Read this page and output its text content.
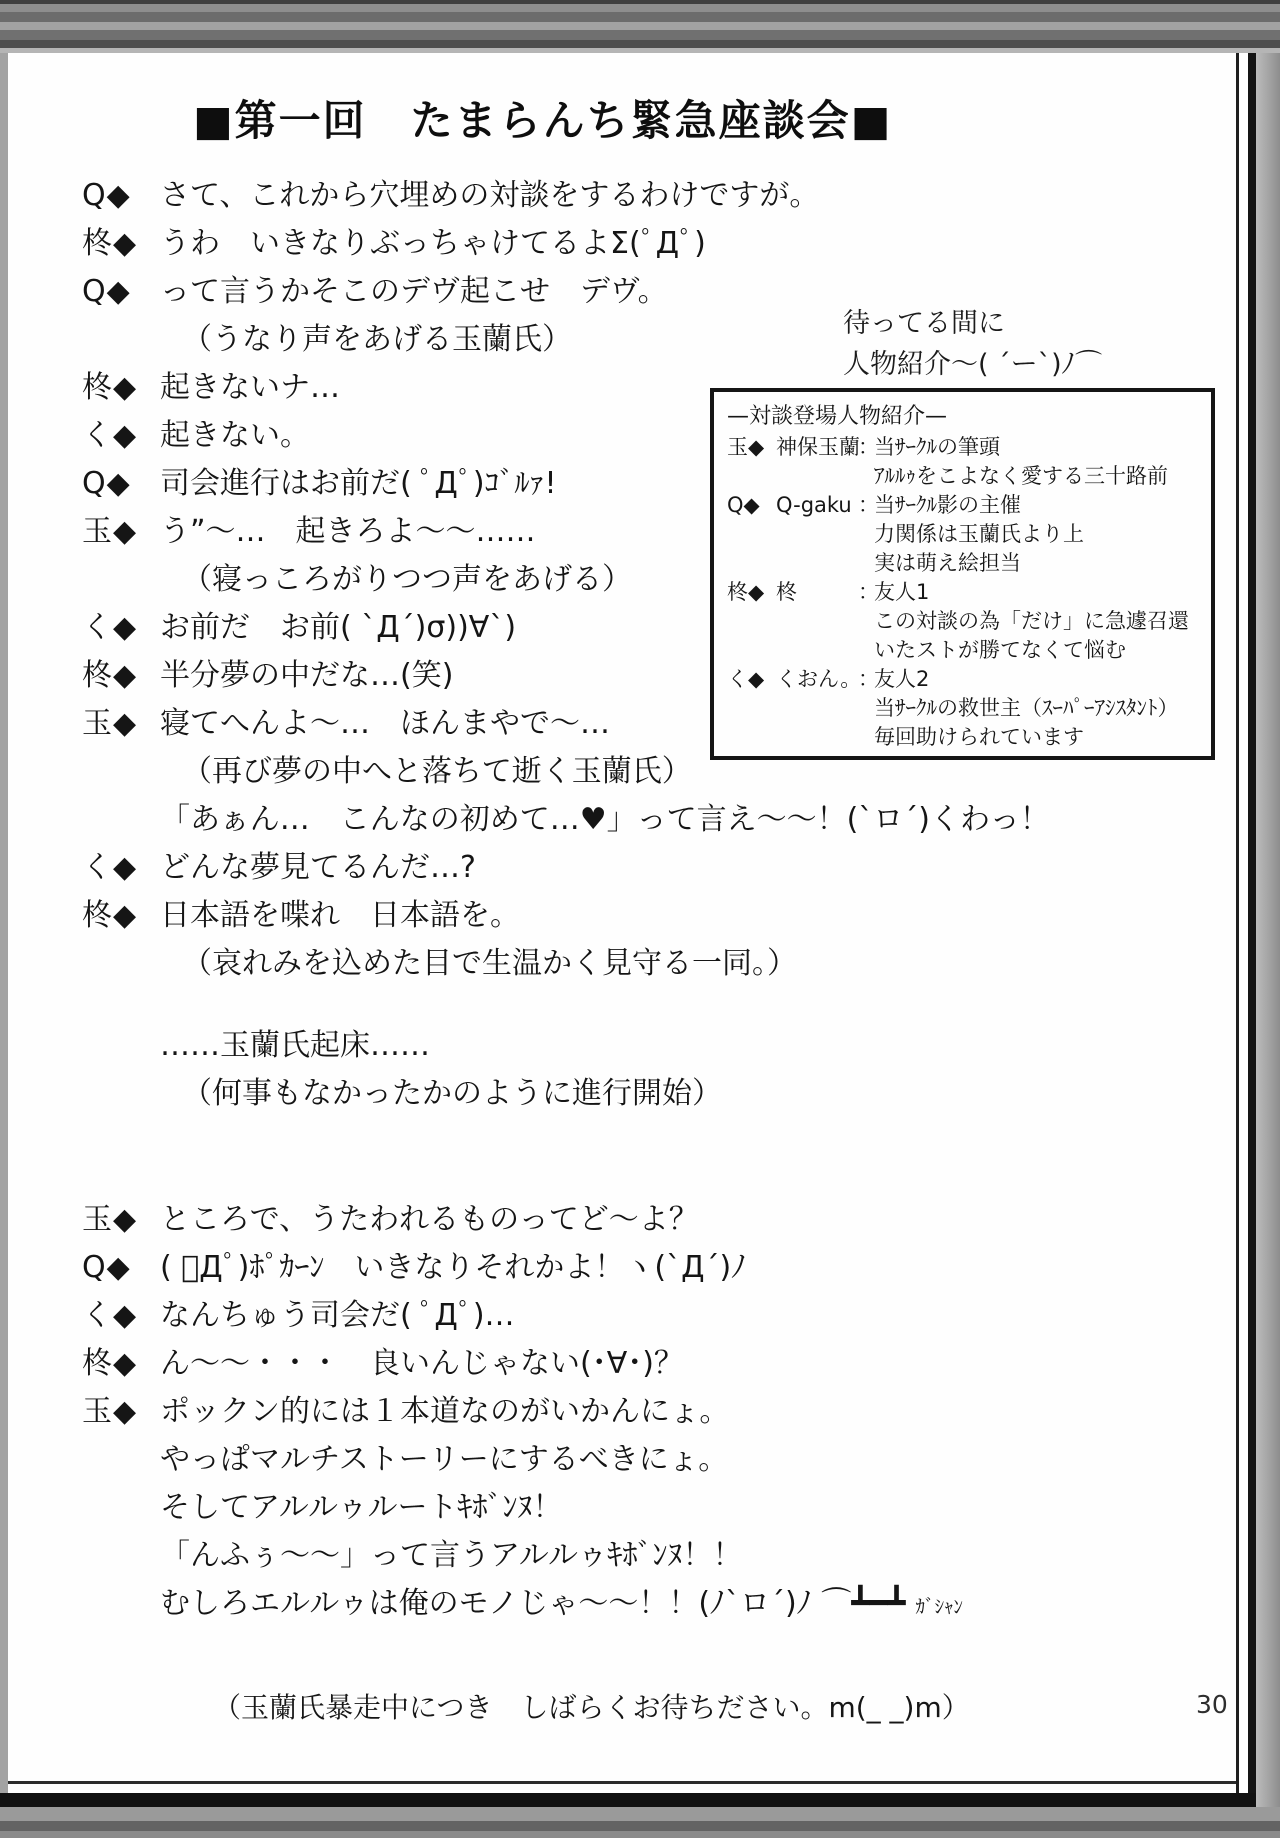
■第一回　たまらんち緊急座談会■
Q◆ さて、これから穴埋めの対談をするわけですが。
柊◆ うわ　いきなりぶっちゃけてるよΣ(ﾟДﾟ)
Q◆ って言うかそこのデヴ起こせ　デヴ。
（うなり声をあげる玉蘭氏）
柊◆ 起きないナ…
く◆ 起きない。
Q◆ 司会進行はお前だ( ﾟДﾟ)ｺﾞﾙｧ!
玉◆ う”～…　起きろよ～～……
（寝っころがりつつ声をあげる）
く◆ お前だ　お前( `Д´)σ))∀`)
柊◆ 半分夢の中だな…(笑)
玉◆ 寝てへんよ～…　ほんまやで～…
（再び夢の中へと落ちて逝く玉蘭氏）
「あぁん…　こんなの初めて…♥」って言え～～！(`ロ´)くわっ！
く◆ どんな夢見てるんだ…?
柊◆ 日本語を喋れ　日本語を。
（哀れみを込めた目で生温かく見守る一同。）
……玉蘭氏起床……
（何事もなかったかのように進行開始）
玉◆ ところで、うたわれるものってど～よ？
Q◆ ( ﾟДﾟ)ﾎﾟｶｰﾝ　いきなりそれかよ！ヽ(`Д´)ﾉ
く◆ なんちゅう司会だ( ﾟДﾟ)…
柊◆ ん～～・・・　良いんじゃない(･∀･)？
玉◆ ポックン的には１本道なのがいかんにょ。
やっぱマルチストーリーにするべきにょ。
そしてアルルゥルートｷﾎﾞﾝﾇ！
「んふぅ～～」って言うアルルゥｷﾎﾞﾝﾇ！！
むしろエルルゥは俺のモノじゃ～～！！(ﾉ`ロ´)ﾉ ⌒┻━┻ ｶﾞｼｬﾝ
待ってる間に
人物紹介～( ´ー`)ﾉ⌒
—対談登場人物紹介—
玉◆ 神保玉蘭
：
当ｻｰｸﾙの筆頭
ｱﾙﾙｩをこよなく愛する三十路前
Q◆ Q-gaku ：
当ｻｰｸﾙ影の主催
力関係は玉蘭氏より上
実は萌え絵担当
柊◆ 柊	：
友人1
この対談の為「だけ」に急遽召還
いたストが勝てなくて悩む
く◆ くおん。
：
友人2
当ｻｰｸﾙの救世主（ｽｰﾊﾟｰｱｼｽﾀﾝﾄ）
毎回助けられています
（玉蘭氏暴走中につき　しばらくお待ちださい。m(_ _)m）	30
